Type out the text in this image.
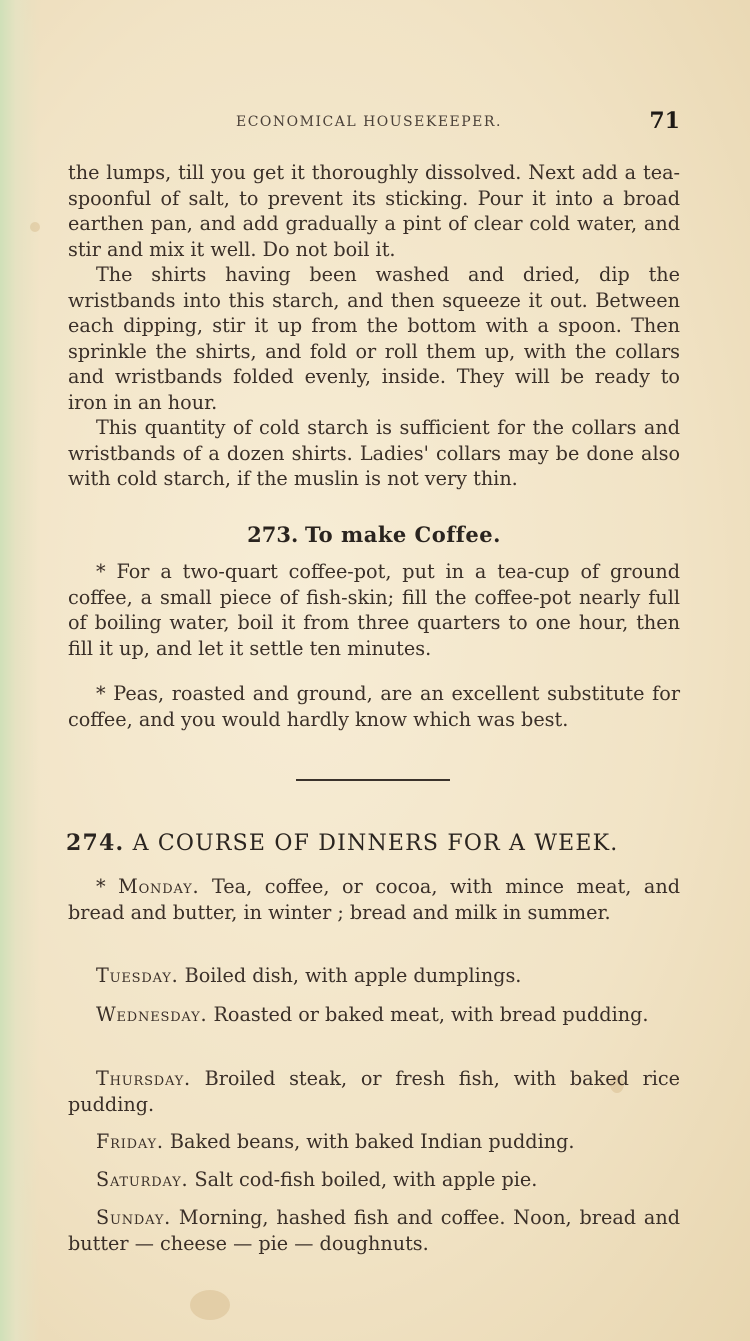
ECONOMICAL HOUSEKEEPER.	71

the lumps, till you get it thoroughly dissolved. Next add a tea-spoonful of salt, to prevent its sticking. Pour it into a broad earthen pan, and add gradually a pint of clear cold water, and stir and mix it well. Do not boil it.

The shirts having been washed and dried, dip the wristbands into this starch, and then squeeze it out. Between each dipping, stir it up from the bottom with a spoon. Then sprinkle the shirts, and fold or roll them up, with the collars and wristbands folded evenly, inside. They will be ready to iron in an hour.

This quantity of cold starch is sufficient for the collars and wristbands of a dozen shirts. Ladies' collars may be done also with cold starch, if the muslin is not very thin.

273. To make Coffee.

* For a two-quart coffee-pot, put in a tea-cup of ground coffee, a small piece of fish-skin; fill the coffee-pot nearly full of boiling water, boil it from three quarters to one hour, then fill it up, and let it settle ten minutes.

* Peas, roasted and ground, are an excellent substitute for coffee, and you would hardly know which was best.

274. A COURSE OF DINNERS FOR A WEEK.

* Monday. Tea, coffee, or cocoa, with mince meat, and bread and butter, in winter ; bread and milk in summer.

Tuesday. Boiled dish, with apple dumplings.

Wednesday. Roasted or baked meat, with bread pudding.

Thursday. Broiled steak, or fresh fish, with baked rice pudding.

Friday. Baked beans, with baked Indian pudding.

Saturday. Salt cod-fish boiled, with apple pie.

Sunday. Morning, hashed fish and coffee. Noon, bread and butter — cheese — pie — doughnuts.
